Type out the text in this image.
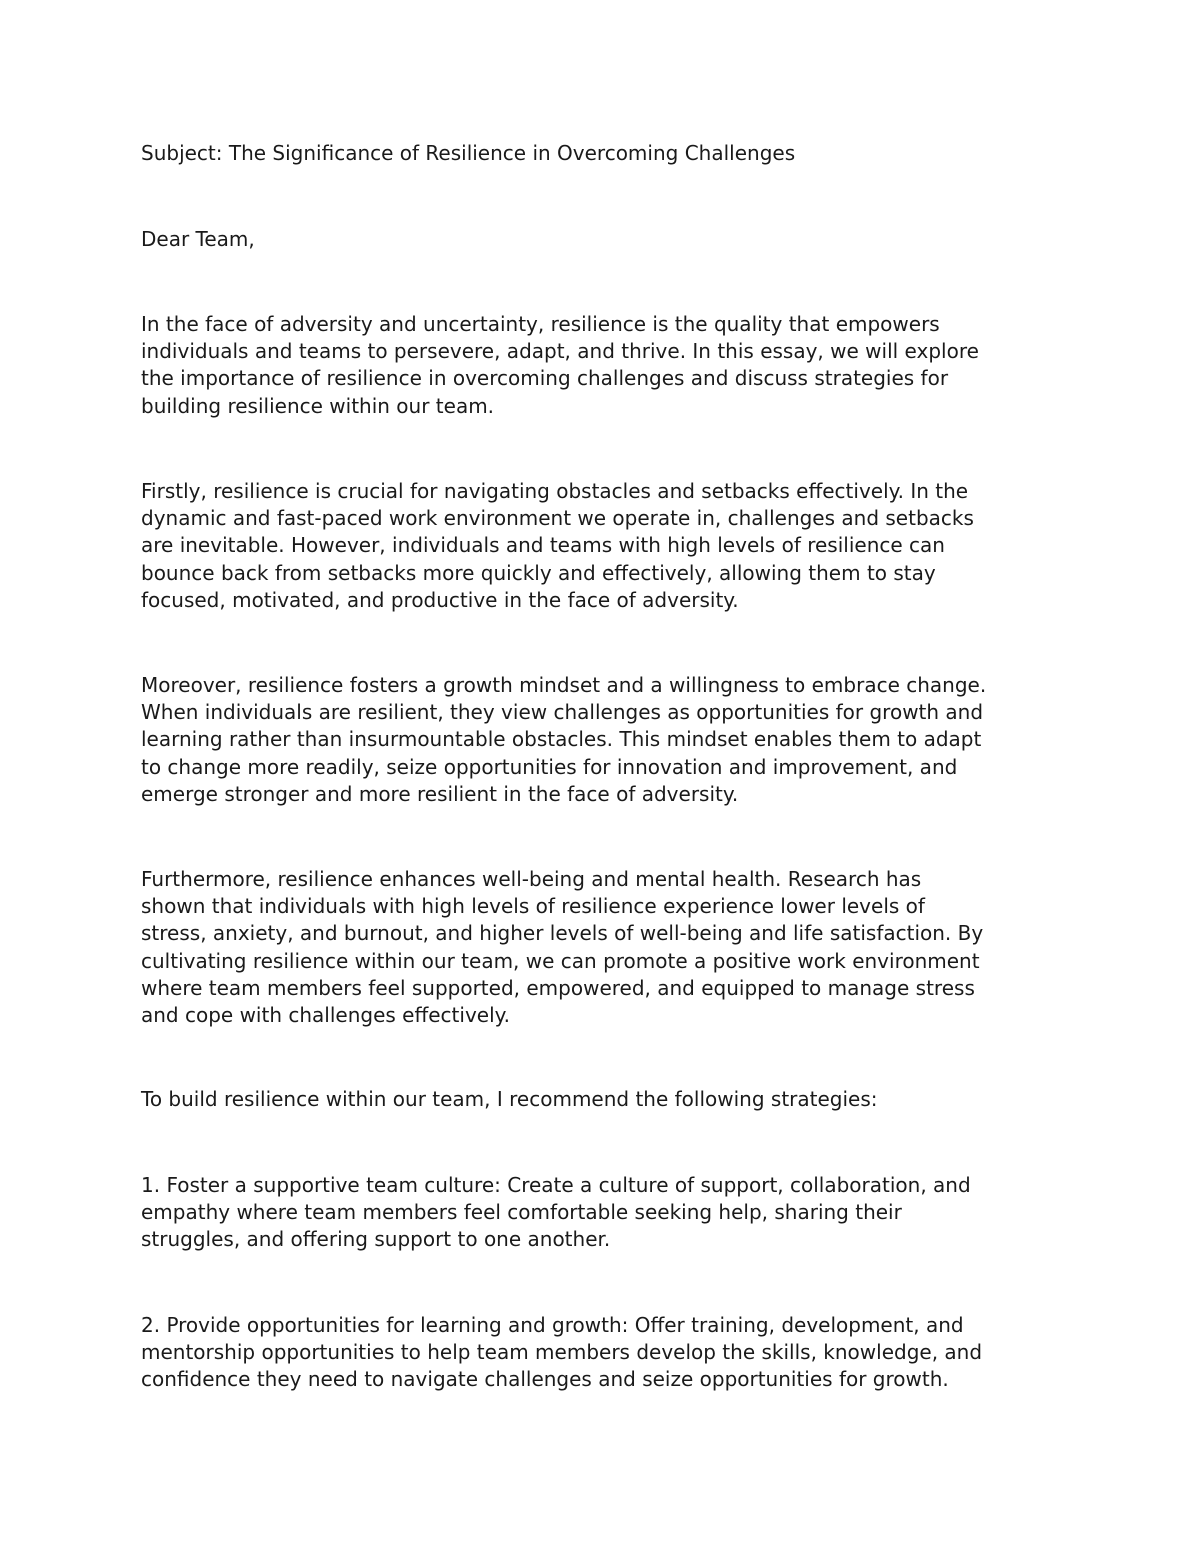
Subject: The Significance of Resilience in Overcoming Challenges

Dear Team,

In the face of adversity and uncertainty, resilience is the quality that empowers
individuals and teams to persevere, adapt, and thrive. In this essay, we will explore
the importance of resilience in overcoming challenges and discuss strategies for
building resilience within our team.

Firstly, resilience is crucial for navigating obstacles and setbacks effectively. In the
dynamic and fast-paced work environment we operate in, challenges and setbacks
are inevitable. However, individuals and teams with high levels of resilience can
bounce back from setbacks more quickly and effectively, allowing them to stay
focused, motivated, and productive in the face of adversity.

Moreover, resilience fosters a growth mindset and a willingness to embrace change.
When individuals are resilient, they view challenges as opportunities for growth and
learning rather than insurmountable obstacles. This mindset enables them to adapt
to change more readily, seize opportunities for innovation and improvement, and
emerge stronger and more resilient in the face of adversity.

Furthermore, resilience enhances well-being and mental health. Research has
shown that individuals with high levels of resilience experience lower levels of
stress, anxiety, and burnout, and higher levels of well-being and life satisfaction. By
cultivating resilience within our team, we can promote a positive work environment
where team members feel supported, empowered, and equipped to manage stress
and cope with challenges effectively.

To build resilience within our team, I recommend the following strategies:

1. Foster a supportive team culture: Create a culture of support, collaboration, and
empathy where team members feel comfortable seeking help, sharing their
struggles, and offering support to one another.

2. Provide opportunities for learning and growth: Offer training, development, and
mentorship opportunities to help team members develop the skills, knowledge, and
confidence they need to navigate challenges and seize opportunities for growth.
